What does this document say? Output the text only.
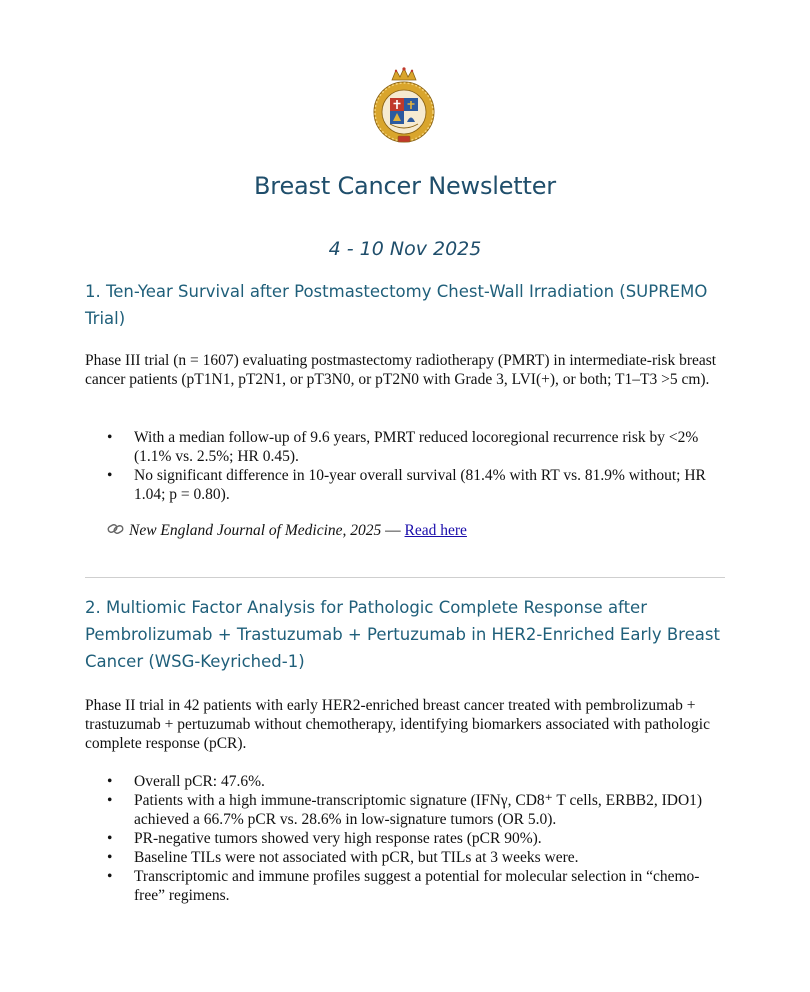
Breast Cancer Newsletter
4 - 10 Nov 2025
1. Ten-Year Survival after Postmastectomy Chest-Wall Irradiation (SUPREMO Trial)

Phase III trial (n = 1607) evaluating postmastectomy radiotherapy (PMRT) in intermediate-risk breast cancer patients (pT1N1, pT2N1, or pT3N0, or pT2N0 with Grade 3, LVI(+), or both; T1–T3 >5 cm).

• With a median follow-up of 9.6 years, PMRT reduced locoregional recurrence risk by <2% (1.1% vs. 2.5%; HR 0.45).
• No significant difference in 10-year overall survival (81.4% with RT vs. 81.9% without; HR 1.04; p = 0.80).

New England Journal of Medicine, 2025 — Read here

2. Multiomic Factor Analysis for Pathologic Complete Response after Pembrolizumab + Trastuzumab + Pertuzumab in HER2-Enriched Early Breast Cancer (WSG-Keyriched-1)

Phase II trial in 42 patients with early HER2-enriched breast cancer treated with pembrolizumab + trastuzumab + pertuzumab without chemotherapy, identifying biomarkers associated with pathologic complete response (pCR).

• Overall pCR: 47.6%.
• Patients with a high immune-transcriptomic signature (IFNγ, CD8⁺ T cells, ERBB2, IDO1) achieved a 66.7% pCR vs. 28.6% in low-signature tumors (OR 5.0).
• PR-negative tumors showed very high response rates (pCR 90%).
• Baseline TILs were not associated with pCR, but TILs at 3 weeks were.
• Transcriptomic and immune profiles suggest a potential for molecular selection in “chemo-free” regimens.
